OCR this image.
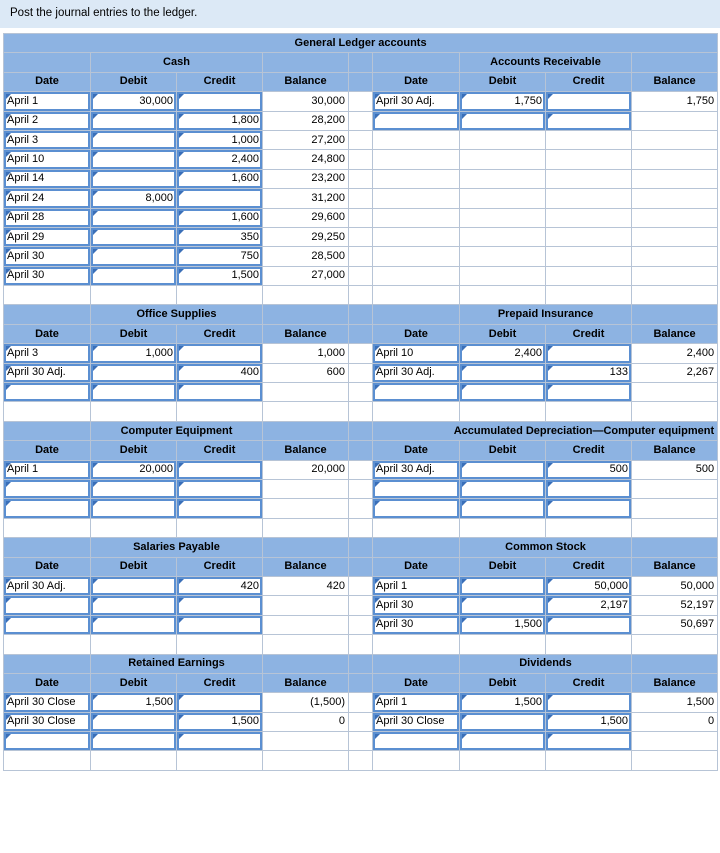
Post the journal entries to the ledger.
General Ledger accounts								
	Cash					Accounts Receivable		
Date	Debit	Credit	Balance		Date	Debit	Credit	Balance
April 1	30,000		30,000		April 30 Adj.	1,750		1,750
April 2		1,800	28,200					
April 3		1,000	27,200					
April 10		2,400	24,800					
April 14		1,600	23,200					
April 24	8,000		31,200					
April 28		1,600	29,600					
April 29		350	29,250					
April 30		750	28,500					
April 30		1,500	27,000					

	Office Supplies					Prepaid Insurance		
Date	Debit	Credit	Balance		Date	Debit	Credit	Balance
April 3	1,000		1,000		April 10	2,400		2,400
April 30 Adj.		400	600		April 30 Adj.		133	2,267

	Computer Equipment				Accumulated Depreciation—Computer equipment			
Date	Debit	Credit	Balance		Date	Debit	Credit	Balance
April 1	20,000		20,000		April 30 Adj.		500	500

	Salaries Payable					Common Stock		
Date	Debit	Credit	Balance		Date	Debit	Credit	Balance
April 30 Adj.		420	420		April 1		50,000	50,000
					April 30		2,197	52,197
					April 30	1,500		50,697

	Retained Earnings					Dividends		
Date	Debit	Credit	Balance		Date	Debit	Credit	Balance
April 30 Close	1,500		(1,500)		April 1	1,500		1,500
April 30 Close		1,500	0		April 30 Close		1,500	0
